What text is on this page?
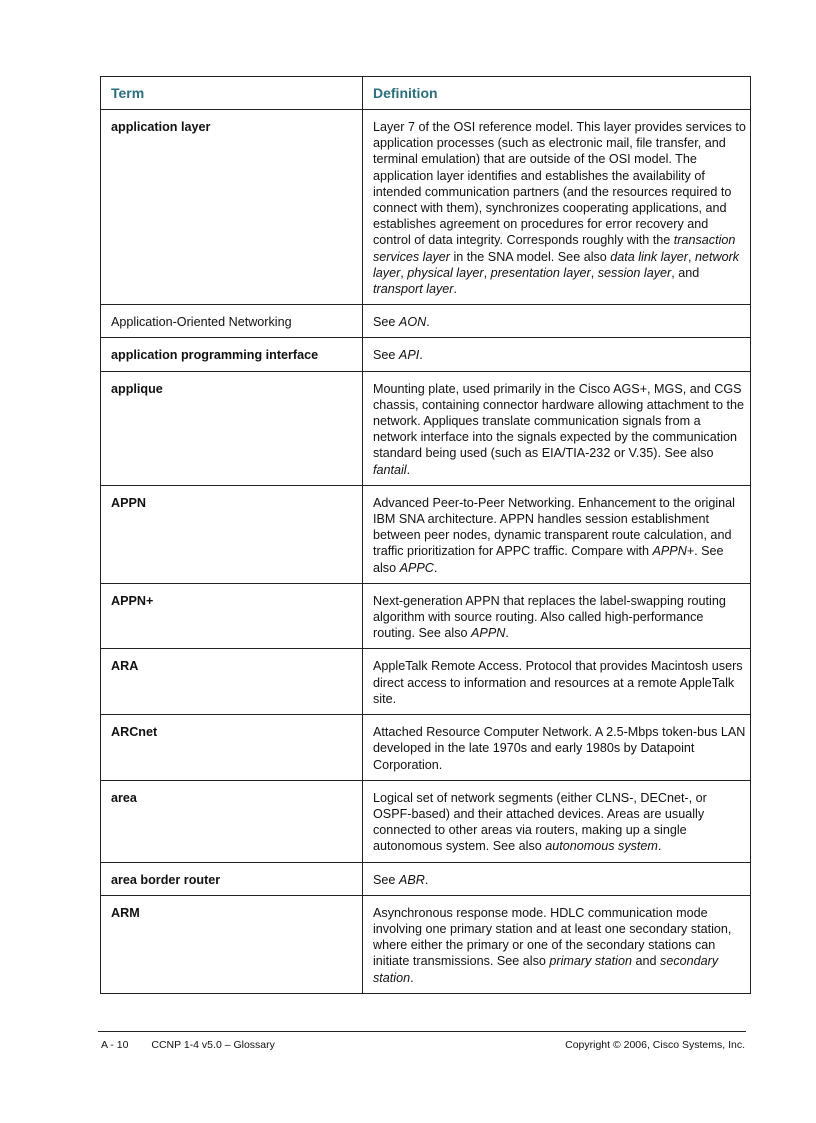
Term	Definition
application layer	Layer 7 of the OSI reference model. This layer provides services to application processes (such as electronic mail, file transfer, and terminal emulation) that are outside of the OSI model. The application layer identifies and establishes the availability of intended communication partners (and the resources required to connect with them), synchronizes cooperating applications, and establishes agreement on procedures for error recovery and control of data integrity. Corresponds roughly with the transaction services layer in the SNA model. See also data link layer, network layer, physical layer, presentation layer, session layer, and transport layer.
Application-Oriented Networking	See AON.
application programming interface	See API.
applique	Mounting plate, used primarily in the Cisco AGS+, MGS, and CGS chassis, containing connector hardware allowing attachment to the network. Appliques translate communication signals from a network interface into the signals expected by the communication standard being used (such as EIA/TIA-232 or V.35). See also fantail.
APPN	Advanced Peer-to-Peer Networking. Enhancement to the original IBM SNA architecture. APPN handles session establishment between peer nodes, dynamic transparent route calculation, and traffic prioritization for APPC traffic. Compare with APPN+. See also APPC.
APPN+	Next-generation APPN that replaces the label-swapping routing algorithm with source routing. Also called high-performance routing. See also APPN.
ARA	AppleTalk Remote Access. Protocol that provides Macintosh users direct access to information and resources at a remote AppleTalk site.
ARCnet	Attached Resource Computer Network. A 2.5-Mbps token-bus LAN developed in the late 1970s and early 1980s by Datapoint Corporation.
area	Logical set of network segments (either CLNS-, DECnet-, or OSPF-based) and their attached devices. Areas are usually connected to other areas via routers, making up a single autonomous system. See also autonomous system.
area border router	See ABR.
ARM	Asynchronous response mode. HDLC communication mode involving one primary station and at least one secondary station, where either the primary or one of the secondary stations can initiate transmissions. See also primary station and secondary station.
A - 10 CCNP 1-4 v5.0 – Glossary	Copyright © 2006, Cisco Systems, Inc.
